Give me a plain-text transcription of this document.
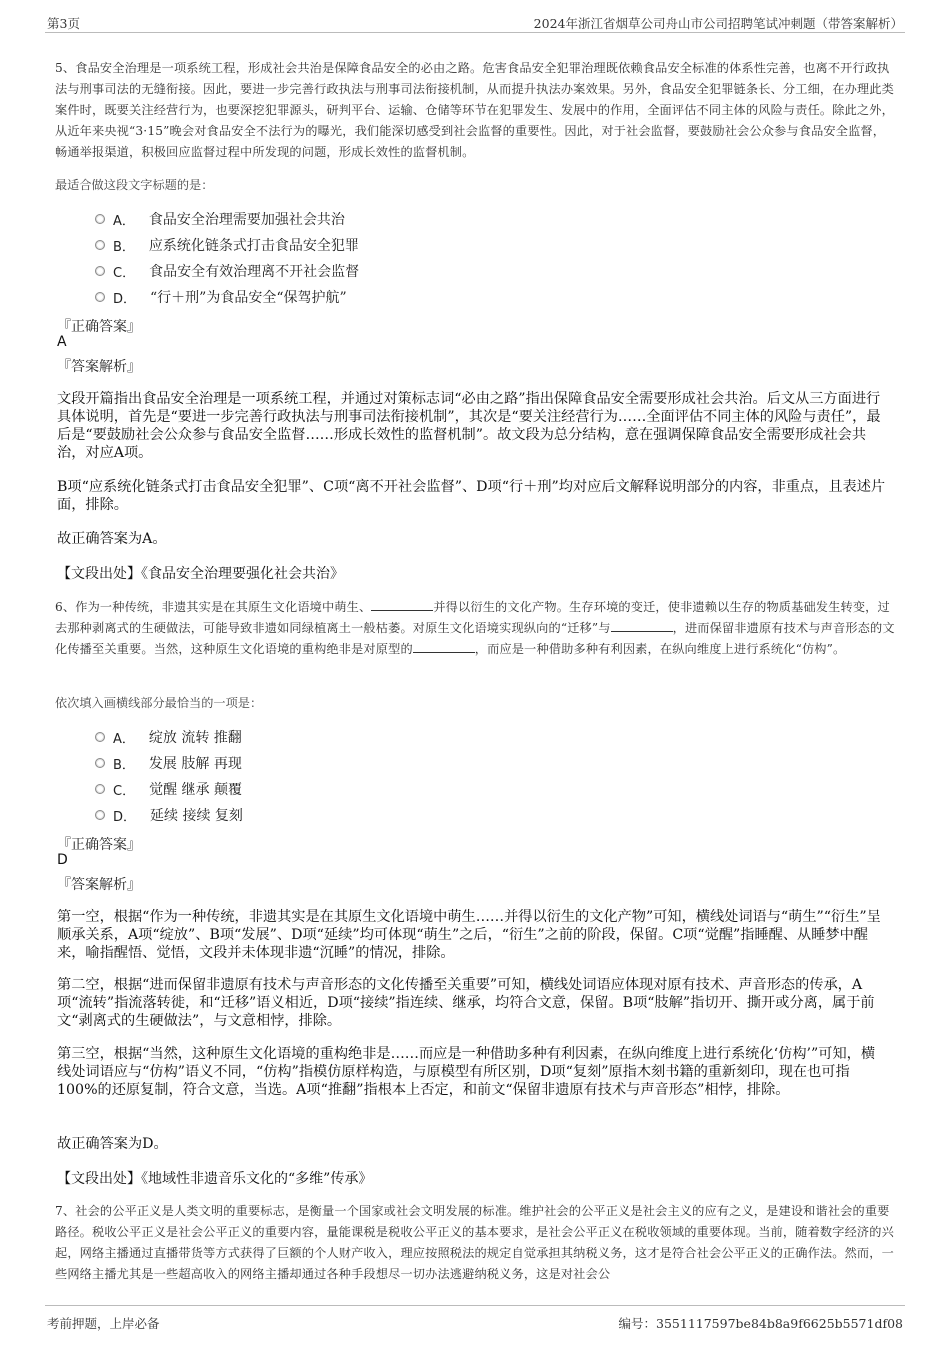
第3页	2024年浙江省烟草公司舟山市公司招聘笔试冲刺题（带答案解析）
5、食品安全治理是一项系统工程，形成社会共治是保障食品安全的必由之路。危害食品安全犯罪治理既依赖食品安全标准的体系性完善，也离不开行政执法与刑事司法的无缝衔接。因此，要进一步完善行政执法与刑事司法衔接机制，从而提升执法办案效果。另外，食品安全犯罪链条长、分工细，在办理此类案件时，既要关注经营行为，也要深挖犯罪源头，研判平台、运输、仓储等环节在犯罪发生、发展中的作用，全面评估不同主体的风险与责任。除此之外，从近年来央视“3·15”晚会对食品安全不法行为的曝光，我们能深切感受到社会监督的重要性。因此，对于社会监督，要鼓励社会公众参与食品安全监督，畅通举报渠道，积极回应监督过程中所发现的问题，形成长效性的监督机制。
最适合做这段文字标题的是：
A． 食品安全治理需要加强社会共治
B． 应系统化链条式打击食品安全犯罪
C． 食品安全有效治理离不开社会监督
D． “行＋刑”为食品安全“保驾护航”
『正确答案』
A
『答案解析』
文段开篇指出食品安全治理是一项系统工程，并通过对策标志词“必由之路”指出保障食品安全需要形成社会共治。后文从三方面进行具体说明，首先是“要进一步完善行政执法与刑事司法衔接机制”，其次是“要关注经营行为……全面评估不同主体的风险与责任”，最后是“要鼓励社会公众参与食品安全监督……形成长效性的监督机制”。故文段为总分结构，意在强调保障食品安全需要形成社会共治，对应A项。
B项“应系统化链条式打击食品安全犯罪”、C项“离不开社会监督”、D项“行＋刑”均对应后文解释说明部分的内容，非重点，且表述片面，排除。
故正确答案为A。
【文段出处】《食品安全治理要强化社会共治》
6、作为一种传统，非遗其实是在其原生文化语境中萌生、	并得以衍生的文化产物。生存环境的变迁，使非遗赖以生存的物质基础发生转变，过去那种剥离式的生硬做法，可能导致非遗如同绿植离土一般枯萎。对原生文化语境实现纵向的“迁移”与	，进而保留非遗原有技术与声音形态的文化传播至关重要。当然，这种原生文化语境的重构绝非是对原型的	，而应是一种借助多种有利因素，在纵向维度上进行系统化“仿构”。
依次填入画横线部分最恰当的一项是：
A． 绽放 流转 推翻
B． 发展 肢解 再现
C． 觉醒 继承 颠覆
D． 延续 接续 复刻
『正确答案』
D
『答案解析』
第一空，根据“作为一种传统，非遗其实是在其原生文化语境中萌生……并得以衍生的文化产物”可知，横线处词语与“萌生”“衍生”呈顺承关系，A项“绽放”、B项“发展”、D项“延续”均可体现“萌生”之后，“衍生”之前的阶段，保留。C项“觉醒”指睡醒、从睡梦中醒来，喻指醒悟、觉悟，文段并未体现非遗“沉睡”的情况，排除。
第二空，根据“进而保留非遗原有技术与声音形态的文化传播至关重要”可知，横线处词语应体现对原有技术、声音形态的传承，A项“流转”指流落转徙，和“迁移”语义相近，D项“接续”指连续、继承，均符合文意，保留。B项“肢解”指切开、撕开或分离，属于前文“剥离式的生硬做法”，与文意相悖，排除。
第三空，根据“当然，这种原生文化语境的重构绝非是……而应是一种借助多种有利因素，在纵向维度上进行系统化‘仿构’”可知，横线处词语应与“仿构”语义不同，“仿构”指模仿原样构造，与原模型有所区别，D项“复刻”原指木刻书籍的重新刻印，现在也可指100%的还原复制，符合文意，当选。A项“推翻”指根本上否定，和前文“保留非遗原有技术与声音形态”相悖，排除。
故正确答案为D。
【文段出处】《地域性非遗音乐文化的“多维”传承》
7、社会的公平正义是人类文明的重要标志，是衡量一个国家或社会文明发展的标准。维护社会的公平正义是社会主义的应有之义，是建设和谐社会的重要路径。税收公平正义是社会公平正义的重要内容，量能课税是税收公平正义的基本要求，是社会公平正义在税收领域的重要体现。当前，随着数字经济的兴起，网络主播通过直播带货等方式获得了巨额的个人财产收入，理应按照税法的规定自觉承担其纳税义务，这才是符合社会公平正义的正确作法。然而，一些网络主播尤其是一些超高收入的网络主播却通过各种手段想尽一切办法逃避纳税义务，这是对社会公
考前押题，上岸必备	编号：3551117597be84b8a9f6625b5571df08
